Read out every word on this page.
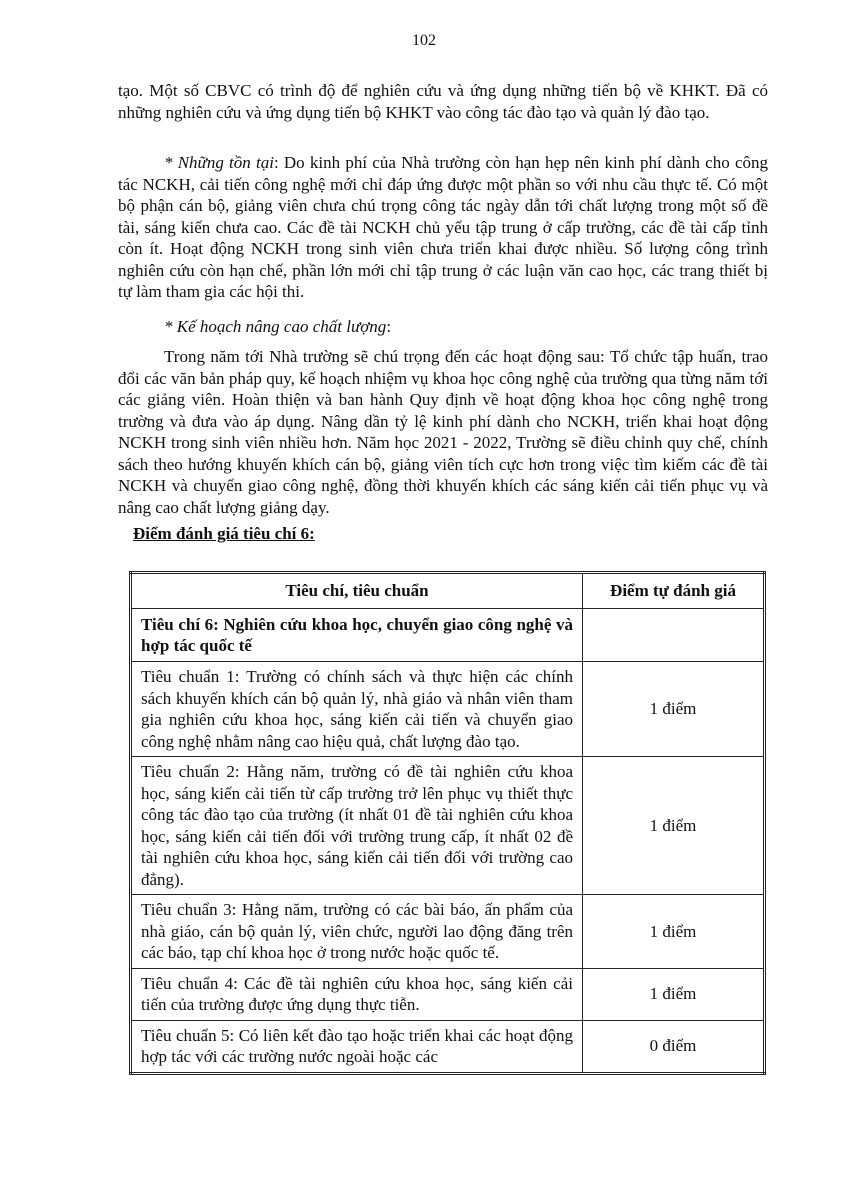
102

tạo. Một số CBVC có trình độ để nghiên cứu và ứng dụng những tiến bộ về KHKT. Đã có những nghiên cứu và ứng dụng tiến bộ KHKT vào công tác đào tạo và quản lý đào tạo.

* Những tồn tại: Do kinh phí của Nhà trường còn hạn hẹp nên kinh phí dành cho công tác NCKH, cải tiến công nghệ mới chỉ đáp ứng được một phần so với nhu cầu thực tế. Có một bộ phận cán bộ, giảng viên chưa chú trọng công tác ngày dẫn tới chất lượng trong một số đề tài, sáng kiến chưa cao. Các đề tài NCKH chủ yếu tập trung ở cấp trường, các đề tài cấp tỉnh còn ít. Hoạt động NCKH trong sinh viên chưa triển khai được nhiều. Số lượng công trình nghiên cứu còn hạn chế, phần lớn mới chỉ tập trung ở các luận văn cao học, các trang thiết bị tự làm tham gia các hội thi.

* Kế hoạch nâng cao chất lượng:

Trong năm tới Nhà trường sẽ chú trọng đến các hoạt động sau: Tổ chức tập huấn, trao đổi các văn bản pháp quy, kế hoạch nhiệm vụ khoa học công nghệ của trường qua từng năm tới các giảng viên. Hoàn thiện và ban hành Quy định về hoạt động khoa học công nghệ trong trường và đưa vào áp dụng. Nâng dần tỷ lệ kinh phí dành cho NCKH, triển khai hoạt động NCKH trong sinh viên nhiều hơn. Năm học 2021 - 2022, Trường sẽ điều chỉnh quy chế, chính sách theo hướng khuyến khích cán bộ, giảng viên tích cực hơn trong việc tìm kiếm các đề tài NCKH và chuyển giao công nghệ, đồng thời khuyến khích các sáng kiến cải tiến phục vụ và nâng cao chất lượng giảng dạy.

Điểm đánh giá tiêu chí 6:
Tiêu chí, tiêu chuẩn	Điểm tự đánh giá
Tiêu chí 6: Nghiên cứu khoa học, chuyển giao công nghệ và hợp tác quốc tế	
Tiêu chuẩn 1: Trường có chính sách và thực hiện các chính sách khuyến khích cán bộ quản lý, nhà giáo và nhân viên tham gia nghiên cứu khoa học, sáng kiến cải tiến và chuyển giao công nghệ nhằm nâng cao hiệu quả, chất lượng đào tạo.	1 điểm
Tiêu chuẩn 2: Hằng năm, trường có đề tài nghiên cứu khoa học, sáng kiến cải tiến từ cấp trường trở lên phục vụ thiết thực công tác đào tạo của trường (ít nhất 01 đề tài nghiên cứu khoa học, sáng kiến cải tiến đối với trường trung cấp, ít nhất 02 đề tài nghiên cứu khoa học, sáng kiến cải tiến đối với trường cao đẳng).	1 điểm
Tiêu chuẩn 3: Hằng năm, trường có các bài báo, ấn phẩm của nhà giáo, cán bộ quản lý, viên chức, người lao động đăng trên các báo, tạp chí khoa học ở trong nước hoặc quốc tế.	1 điểm
Tiêu chuẩn 4: Các đề tài nghiên cứu khoa học, sáng kiến cải tiến của trường được ứng dụng thực tiễn.	1 điểm
Tiêu chuẩn 5: Có liên kết đào tạo hoặc triển khai các hoạt động hợp tác với các trường nước ngoài hoặc các	0 điểm
